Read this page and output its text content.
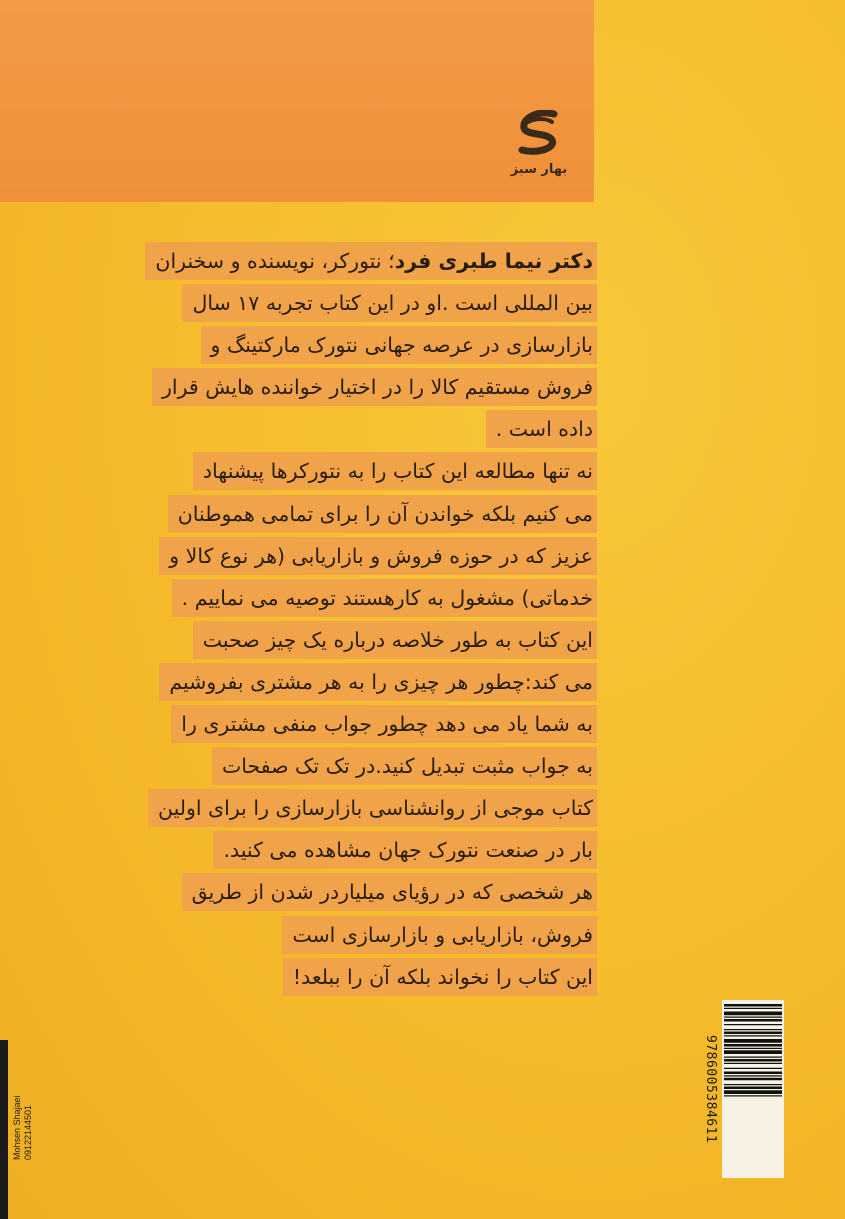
بهار سبز
دکتر نیما طبری فرد؛ نتورکر، نویسنده و سخنران
بین المللی است .او در این کتاب تجربه ۱۷ سال
بازارسازی در عرصه جهانی نتورک مارکتینگ و
فروش مستقیم کالا را در اختیار خواننده هایش قرار
داده است .
نه تنها مطالعه این کتاب را به نتورکرها پیشنهاد
می کنیم بلکه خواندن آن را برای تمامی هموطنان
عزیز که در حوزه فروش و بازاریابی (هر نوع کالا و
خدماتی) مشغول به کارهستند توصیه می نماییم .
این کتاب به طور خلاصه درباره یک چیز صحبت
می کند:چطور هر چیزی را به هر مشتری بفروشیم
به شما یاد می دهد چطور جواب منفی مشتری را
به جواب مثبت تبدیل کنید.در تک تک صفحات
کتاب موجی از روانشناسی بازارسازی را برای اولین
بار در صنعت نتورک جهان مشاهده می کنید.
هر شخصی که در رؤیای میلیاردر شدن از طریق
فروش، بازاریابی و بازارسازی است
این کتاب را نخواند بلکه آن را ببلعد!
9786005384611
Mohsen Shajaei
09122144501
